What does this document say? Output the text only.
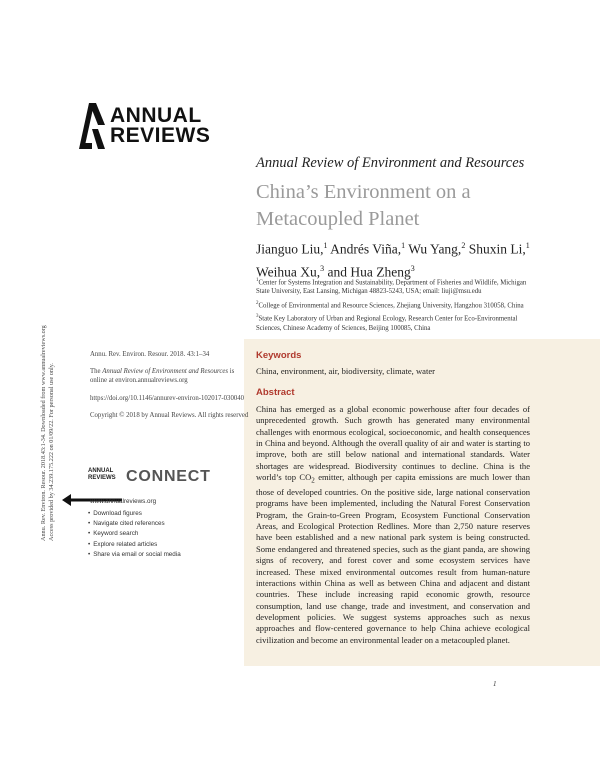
ANNUAL
REVIEWS
Annual Review of Environment and Resources
China’s Environment on a Metacoupled Planet
Jianguo Liu,$^1$ Andrés Viña,$^1$ Wu Yang,$^2$ Shuxin Li,$^1$
Weihua Xu,$^3$ and Hua Zheng$^3$

$^1$Center for Systems Integration and Sustainability, Department of Fisheries and Wildlife, Michigan State University, East Lansing, Michigan 48823-5243, USA; email: liuji@msu.edu

$^2$College of Environmental and Resource Sciences, Zhejiang University, Hangzhou 310058, China

$^3$State Key Laboratory of Urban and Regional Ecology, Research Center for Eco-Environmental Sciences, Chinese Academy of Sciences, Beijing 100085, China

Annu. Rev. Environ. Resour. 2018.43:1-34. Downloaded from www.annualreviews.org Access provided by 34.239.175.222 on 01/09/22. For personal use only.

Annu. Rev. Environ. Resour. 2018. 43:1–34

The Annual Review of Environment and Resources is online at environ.annualreviews.org

https://doi.org/10.1146/annurev-environ-102017-030040

Copyright © 2018 by Annual Reviews. All rights reserved

ANNUAL
REVIEWS CONNECT
www.annualreviews.org
• Download figures
• Navigate cited references
• Keyword search
• Explore related articles
• Share via email or social media
Keywords
China, environment, air, biodiversity, climate, water
Abstract
China has emerged as a global economic powerhouse after four decades of unprecedented growth. Such growth has generated many environmental challenges with enormous ecological, socioeconomic, and health consequences in China and beyond. Although the overall quality of air and water is starting to improve, both are still below national and international standards. Water shortages are widespread. Biodiversity continues to decline. China is the world’s top $CO_2$ emitter, although per capita emissions are much lower than those of developed countries. On the positive side, large national conservation programs have been implemented, including the Natural Forest Conservation Program, the Grain-to-Green Program, Ecosystem Functional Conservation Areas, and Ecological Protection Redlines. More than 2,750 nature reserves have been established and a new national park system is being constructed. Some endangered and threatened species, such as the giant panda, are showing signs of recovery, and forest cover and some ecosystem services have increased. These mixed environmental outcomes result from human-nature interactions within China as well as between China and adjacent and distant countries. These include increasing rapid economic growth, resource consumption, land use change, trade and investment, and conservation and development policies. We suggest systems approaches such as nexus approaches and flow-centered governance to help China achieve ecological civilization and become an environmental leader on a metacoupled planet.
1
